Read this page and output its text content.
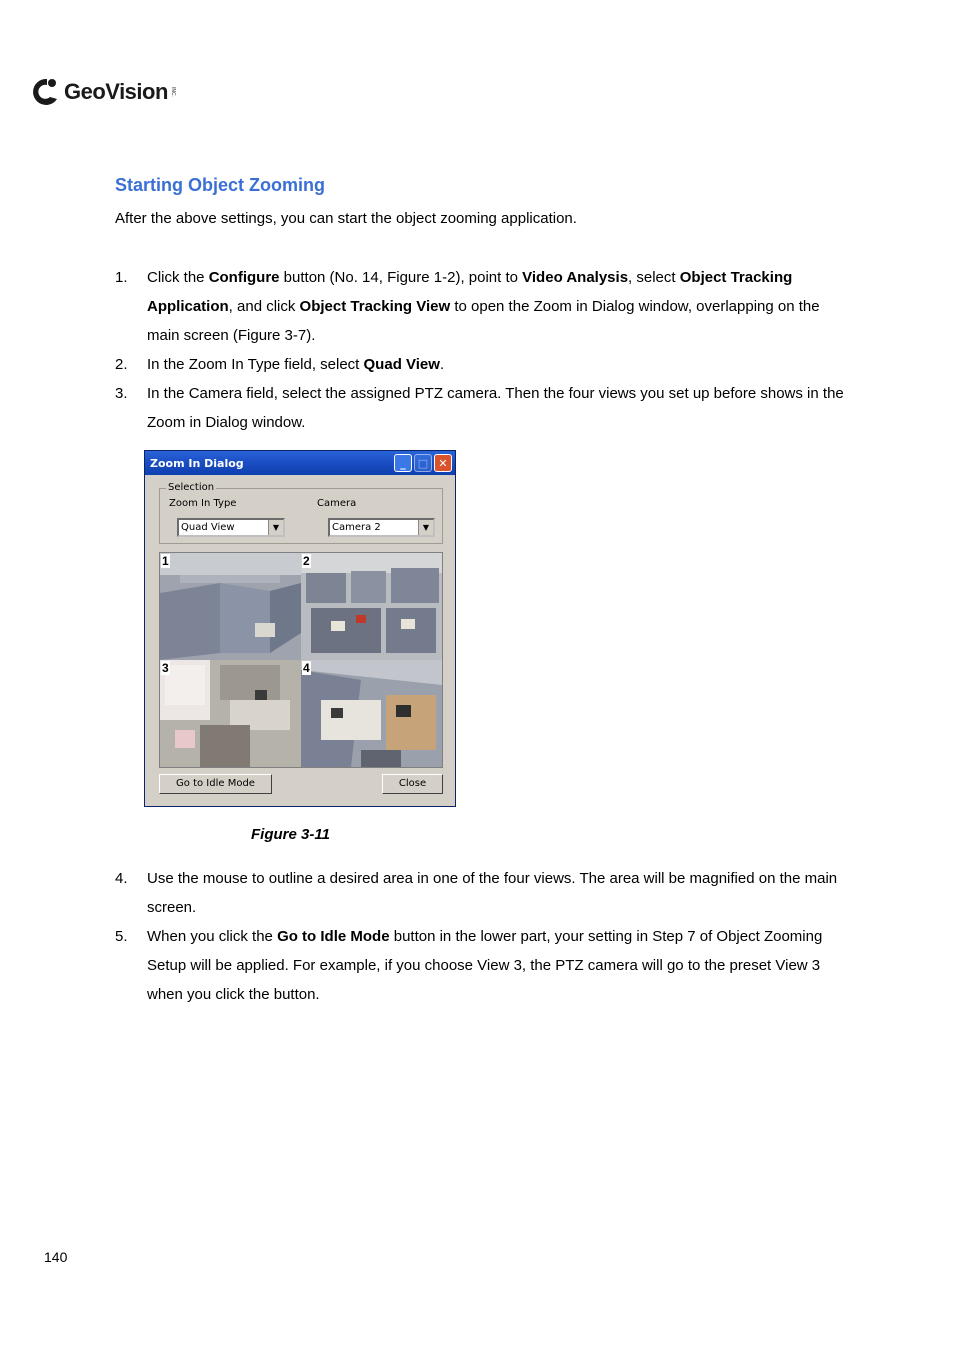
GeoVision INC.
Starting Object Zooming

After the above settings, you can start the object zooming application.

1. Click the Configure button (No. 14, Figure 1-2), point to Video Analysis, select Object Tracking Application, and click Object Tracking View to open the Zoom in Dialog window, overlapping on the main screen (Figure 3-7).
2. In the Zoom In Type field, select Quad View.
3. In the Camera field, select the assigned PTZ camera. Then the four views you set up before shows in the Zoom in Dialog window.
Zoom In Dialog	_	□ ✕
Selection
Zoom In Type	Camera
Quad View	▼	Camera 2	▼
1	2
3	4
Go to Idle Mode	Close

Figure 3-11

4. Use the mouse to outline a desired area in one of the four views. The area will be magnified on the main screen.
5. When you click the Go to Idle Mode button in the lower part, your setting in Step 7 of Object Zooming Setup will be applied. For example, if you choose View 3, the PTZ camera will go to the preset View 3 when you click the button.
140
